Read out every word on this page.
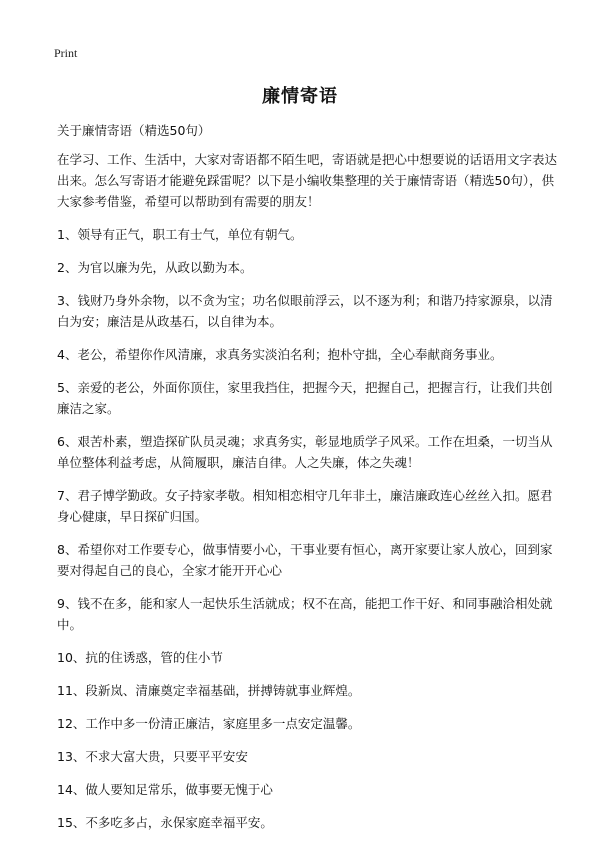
Print
廉情寄语

关于廉情寄语（精选50句）

在学习、工作、生活中，大家对寄语都不陌生吧，寄语就是把心中想要说的话语用文字表达出来。怎么写寄语才能避免踩雷呢？以下是小编收集整理的关于廉情寄语（精选50句），供大家参考借鉴，希望可以帮助到有需要的朋友！

1、领导有正气，职工有士气，单位有朝气。

2、为官以廉为先，从政以勤为本。

3、钱财乃身外余物，以不贪为宝；功名似眼前浮云，以不逐为利；和谐乃持家源泉，以清白为安；廉洁是从政基石，以自律为本。

4、老公，希望你作风清廉，求真务实淡泊名利；抱朴守拙，全心奉献商务事业。

5、亲爱的老公，外面你顶住，家里我挡住，把握今天，把握自己，把握言行，让我们共创廉洁之家。

6、艰苦朴素，塑造探矿队员灵魂；求真务实，彰显地质学子风采。工作在坦桑，一切当从单位整体利益考虑，从简履职，廉洁自律。人之失廉，体之失魂！

7、君子博学勤政。女子持家孝敬。相知相恋相守几年非土，廉洁廉政连心丝丝入扣。愿君身心健康，早日探矿归国。

8、希望你对工作要专心，做事情要小心，干事业要有恒心，离开家要让家人放心，回到家要对得起自己的良心，全家才能开开心心

9、钱不在多，能和家人一起快乐生活就成；权不在高，能把工作干好、和同事融洽相处就中。

10、抗的住诱惑，管的住小节

11、段新岚、清廉奠定幸福基础，拼搏铸就事业辉煌。

12、工作中多一份清正廉洁，家庭里多一点安定温馨。

13、不求大富大贵，只要平平安安

14、做人要知足常乐，做事要无愧于心

15、不多吃多占，永保家庭幸福平安。
